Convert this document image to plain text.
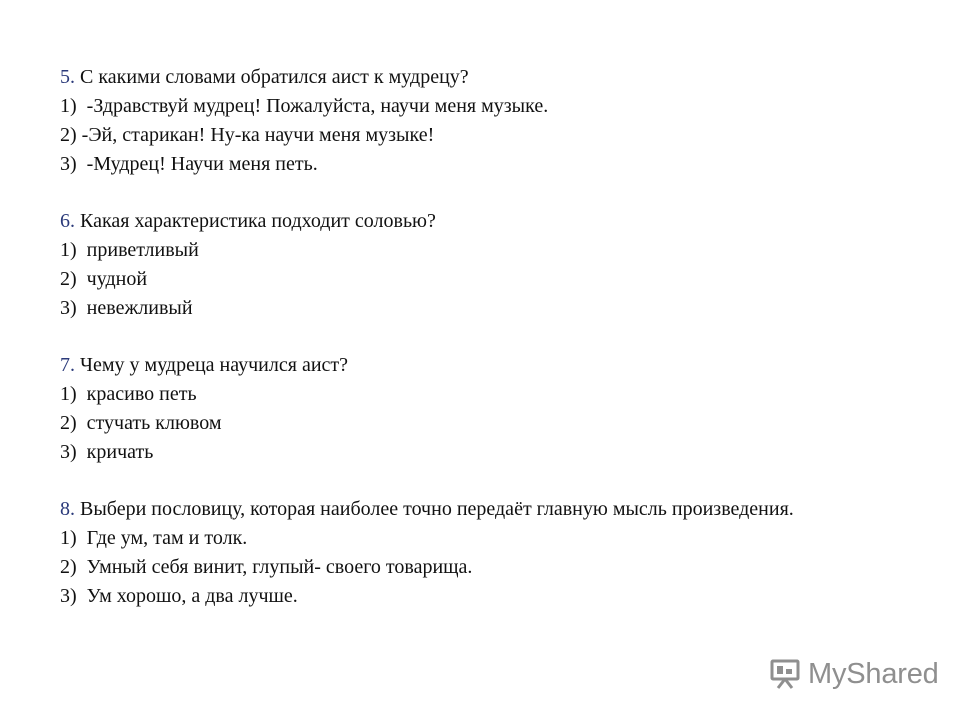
5. С какими словами обратился аист к мудрецу?
1)  -Здравствуй мудрец! Пожалуйста, научи меня музыке.
2) -Эй, старикан! Ну-ка научи меня музыке!
3)  -Мудрец! Научи меня петь.
6. Какая характеристика подходит соловью?
1)  приветливый
2)  чудной
3)  невежливый
7. Чему у мудреца научился аист?
1)  красиво петь
2)  стучать клювом
3)  кричать
8. Выбери пословицу, которая наиболее точно передаёт главную мысль произведения.
1)  Где ум, там и толк.
2)  Умный себя винит, глупый- своего товарища.
3)  Ум хорошо, а два лучше.
MyShared
